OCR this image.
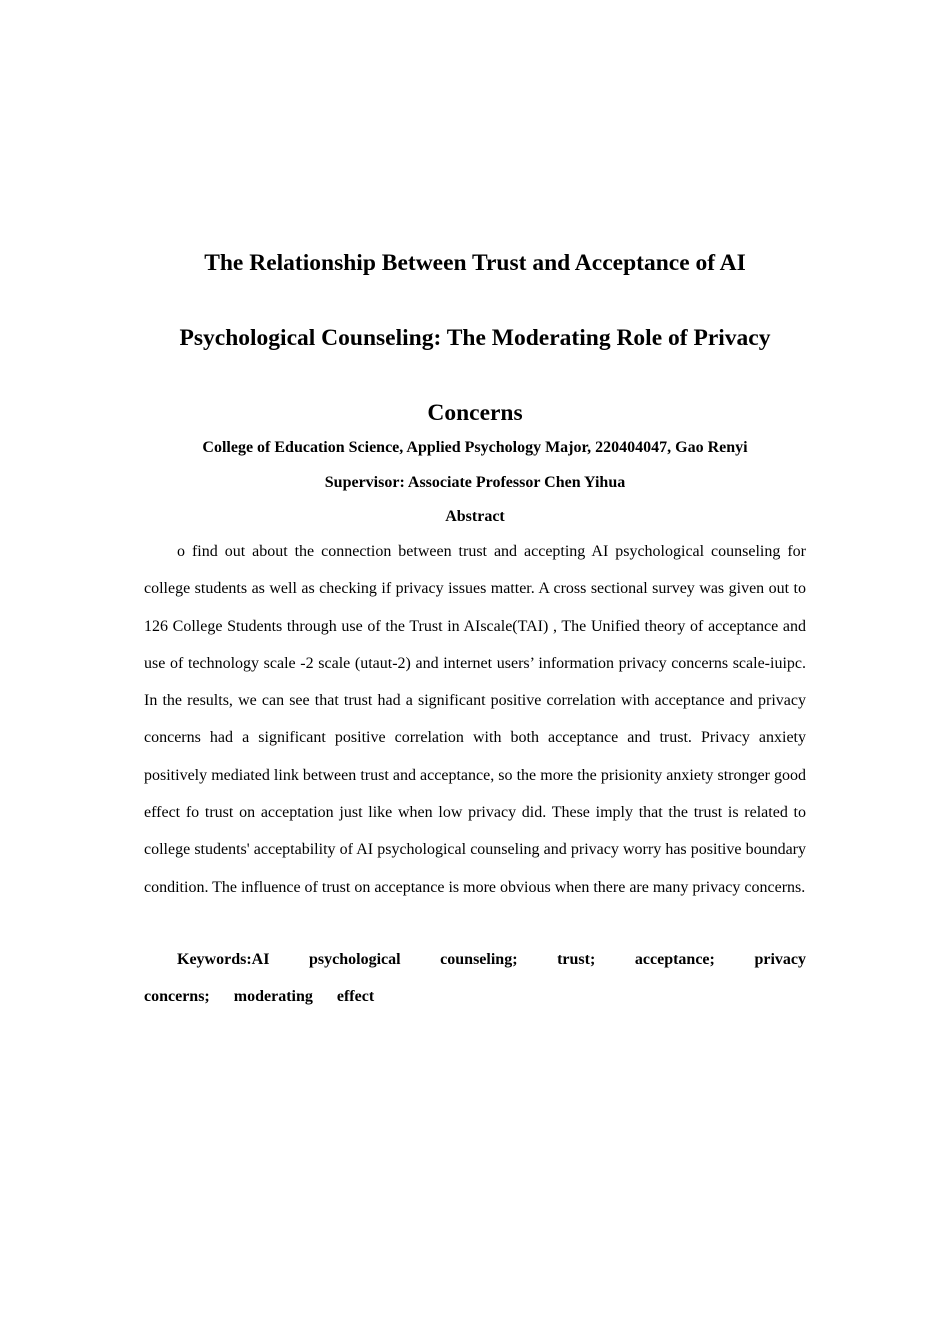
The Relationship Between Trust and Acceptance of AI

Psychological Counseling: The Moderating Role of Privacy

Concerns

College of Education Science, Applied Psychology Major, 220404047, Gao Renyi

Supervisor: Associate Professor Chen Yihua

Abstract

o find out about the connection between trust and accepting AI psychological counseling for college students as well as checking if privacy issues matter. A cross sectional survey was given out to 126 College Students through use of the Trust in AIscale(TAI) , The Unified theory of acceptance and use of technology scale -2 scale (utaut-2) and internet users’ information privacy concerns scale-iuipc. In the results, we can see that trust had a significant positive correlation with acceptance and privacy concerns had a significant positive correlation with both acceptance and trust. Privacy anxiety positively mediated link between trust and acceptance, so the more the prisionity anxiety stronger good effect fo trust on acceptation just like when low privacy did. These imply that the trust is related to college students' acceptability of AI psychological counseling and privacy worry has positive boundary condition. The influence of trust on acceptance is more obvious when there are many privacy concerns.

Keywords:AI psychological counseling; trust; acceptance; privacy concerns; moderating effect
